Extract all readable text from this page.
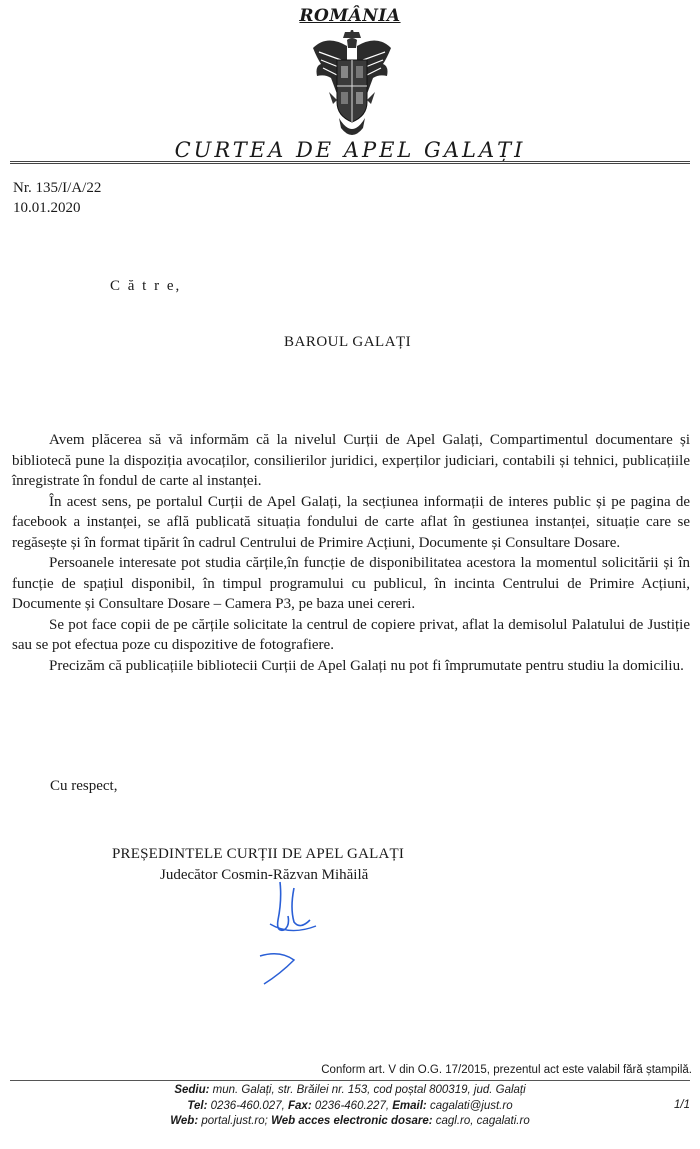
ROMÂNIA
CURTEA DE APEL GALAȚI
Nr. 135/I/A/22
10.01.2020
C ă t r e,
BAROUL GALAȚI

Avem plăcerea să vă informăm că la nivelul Curții de Apel Galați, Compartimentul documentare și bibliotecă pune la dispoziția avocaților, consilierilor juridici, experților judiciari, contabili și tehnici, publicațiile înregistrate în fondul de carte al instanței.

În acest sens, pe portalul Curții de Apel Galați, la secțiunea informații de interes public și pe pagina de facebook a instanței, se află publicată situația fondului de carte aflat în gestiunea instanței, situație care se regăsește și în format tipărit în cadrul Centrului de Primire Acțiuni, Documente și Consultare Dosare.

Persoanele interesate pot studia cărțile,în funcție de disponibilitatea acestora la momentul solicitării și în funcție de spațiul disponibil, în timpul programului cu publicul, în incinta Centrului de Primire Acțiuni, Documente și Consultare Dosare – Camera P3, pe baza unei cereri.

Se pot face copii de pe cărțile solicitate la centrul de copiere privat, aflat la demisolul Palatului de Justiție sau se pot efectua poze cu dispozitive de fotografiere.

Precizăm că publicațiile bibliotecii Curții de Apel Galați nu pot fi împrumutate pentru studiu la domiciliu.

Cu respect,
PREȘEDINTELE CURȚII DE APEL GALAȚI
Judecător Cosmin-Răzvan Mihăilă
Conform art. V din O.G. 17/2015, prezentul act este valabil fără ștampilă.
Sediu: mun. Galați, str. Brăilei nr. 153, cod poștal 800319, jud. Galați
Tel: 0236-460.027, Fax: 0236-460.227, Email: cagalati@just.ro
Web: portal.just.ro; Web acces electronic dosare: cagl.ro, cagalati.ro
1/1
